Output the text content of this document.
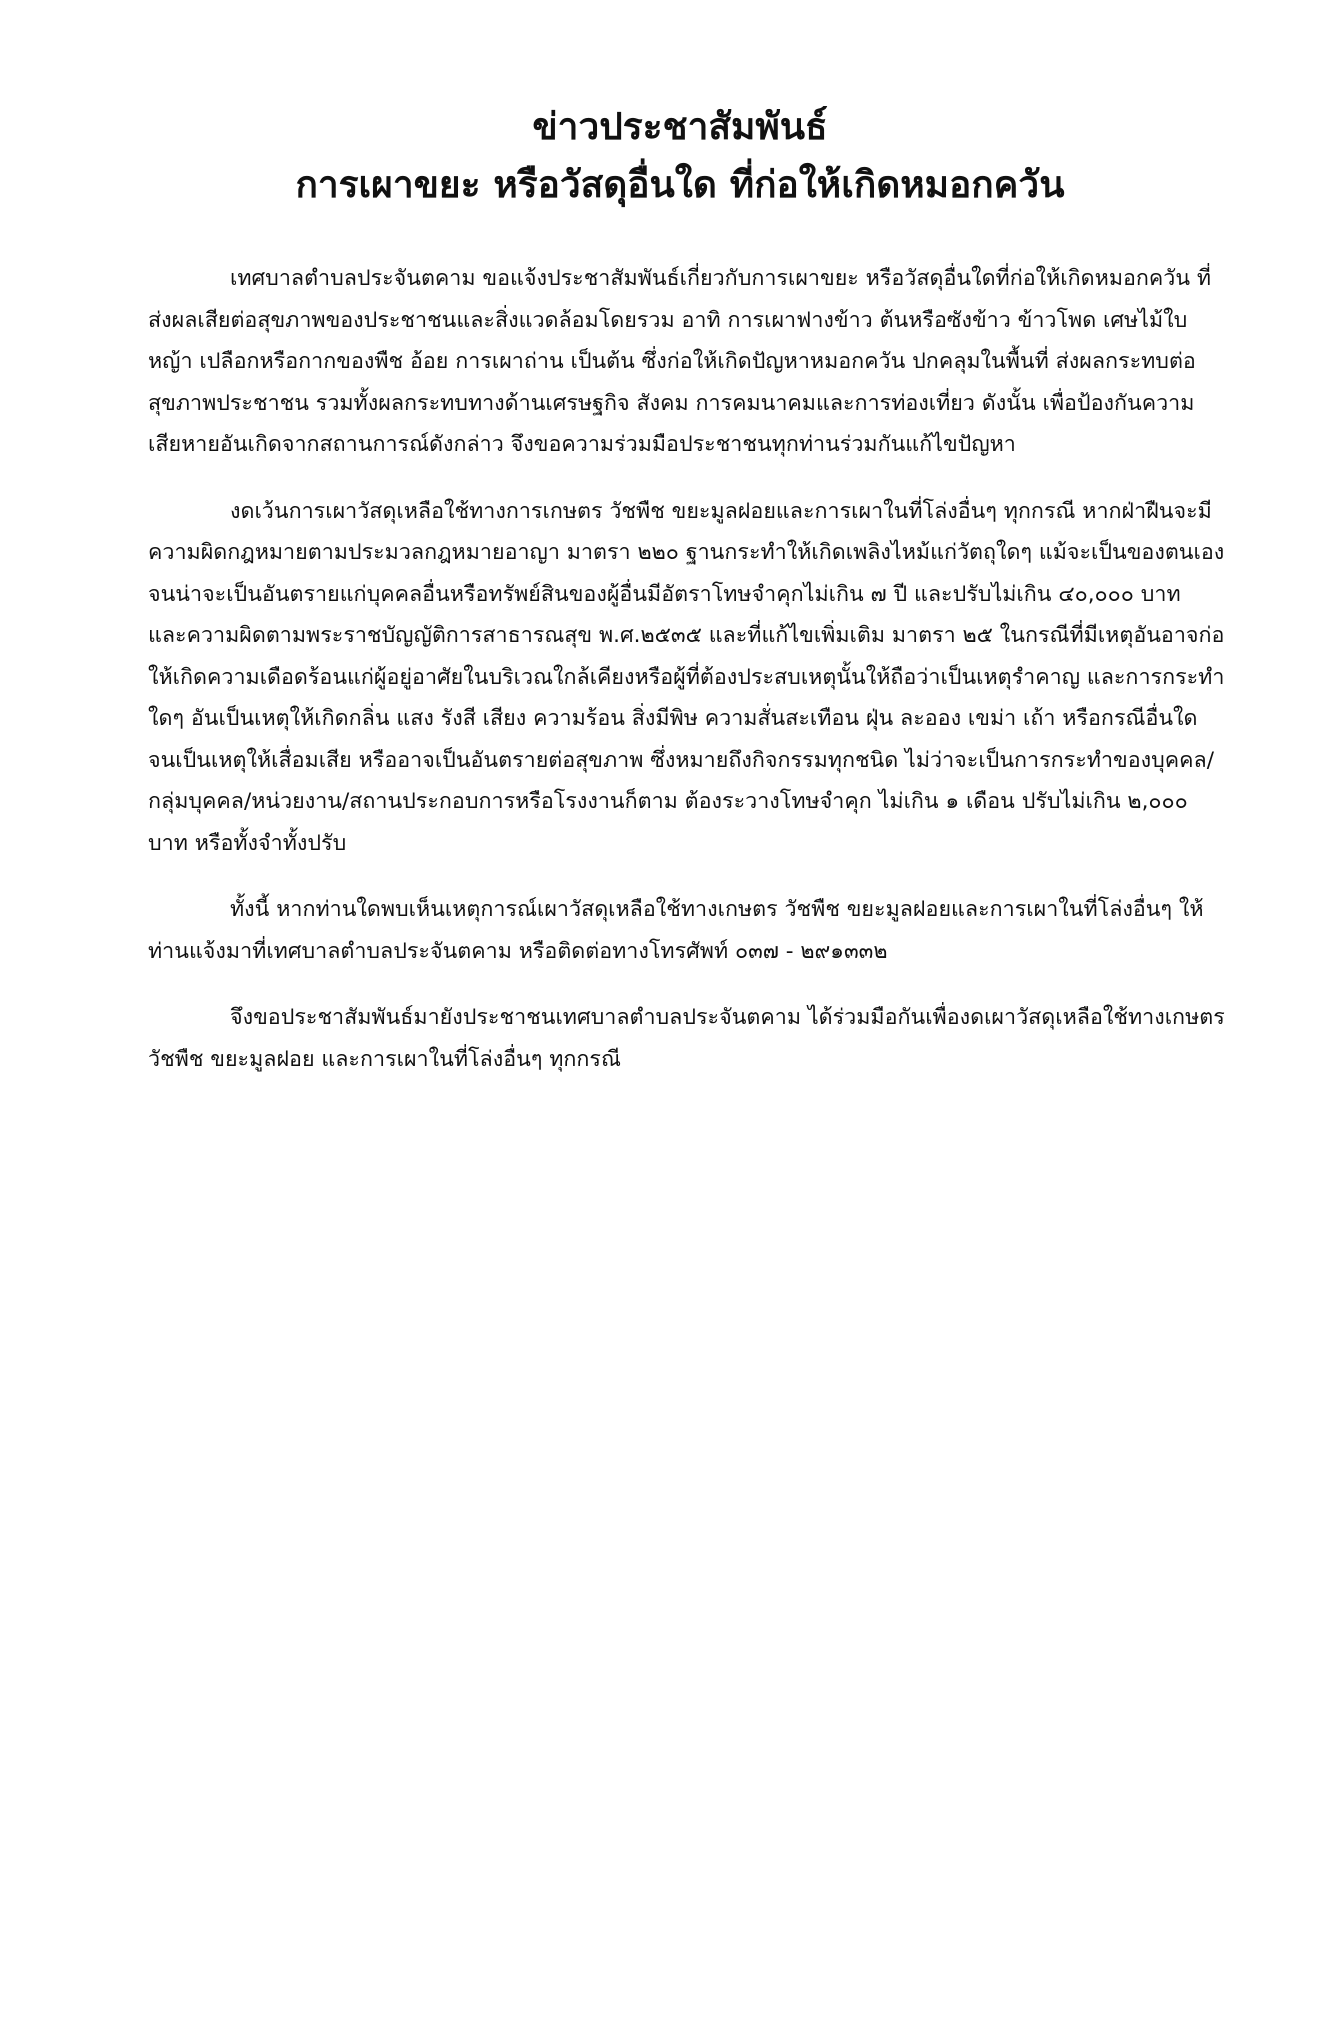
ข่าวประชาสัมพันธ์
การเผาขยะ หรือวัสดุอื่นใด ที่ก่อให้เกิดหมอกควัน

เทศบาลตำบลประจันตคาม ขอแจ้งประชาสัมพันธ์เกี่ยวกับการเผาขยะ หรือวัสดุอื่นใดที่ก่อให้เกิดหมอกควัน ที่ส่งผลเสียต่อสุขภาพของประชาชนและสิ่งแวดล้อมโดยรวม อาทิ การเผาฟางข้าว ต้นหรือซังข้าว ข้าวโพด เศษไม้ใบหญ้า เปลือกหรือกากของพืช อ้อย การเผาถ่าน เป็นต้น ซึ่งก่อให้เกิดปัญหาหมอกควัน ปกคลุมในพื้นที่ ส่งผลกระทบต่อสุขภาพประชาชน รวมทั้งผลกระทบทางด้านเศรษฐกิจ สังคม การคมนาคมและการท่องเที่ยว ดังนั้น เพื่อป้องกันความเสียหายอันเกิดจากสถานการณ์ดังกล่าว จึงขอความร่วมมือประชาชนทุกท่านร่วมกันแก้ไขปัญหา

งดเว้นการเผาวัสดุเหลือใช้ทางการเกษตร วัชพืช ขยะมูลฝอยและการเผาในที่โล่งอื่นๆ ทุกกรณี หากฝ่าฝืนจะมีความผิดกฎหมายตามประมวลกฎหมายอาญา มาตรา ๒๒๐ ฐานกระทำให้เกิดเพลิงไหม้แก่วัตถุใดๆ แม้จะเป็นของตนเอง จนน่าจะเป็นอันตรายแก่บุคคลอื่นหรือทรัพย์สินของผู้อื่นมีอัตราโทษจำคุกไม่เกิน ๗ ปี และปรับไม่เกิน ๔๐,๐๐๐ บาท และความผิดตามพระราชบัญญัติการสาธารณสุข พ.ศ.๒๕๓๕ และที่แก้ไขเพิ่มเติม มาตรา ๒๕ ในกรณีที่มีเหตุอันอาจก่อให้เกิดความเดือดร้อนแก่ผู้อยู่อาศัยในบริเวณใกล้เคียงหรือผู้ที่ต้องประสบเหตุนั้นให้ถือว่าเป็นเหตุรำคาญ และการกระทำใดๆ อันเป็นเหตุให้เกิดกลิ่น แสง รังสี เสียง ความร้อน สิ่งมีพิษ ความสั่นสะเทือน ฝุ่น ละออง เขม่า เถ้า หรือกรณีอื่นใด จนเป็นเหตุให้เสื่อมเสีย หรืออาจเป็นอันตรายต่อสุขภาพ ซึ่งหมายถึงกิจกรรมทุกชนิด ไม่ว่าจะเป็นการกระทำของบุคคล/กลุ่มบุคคล/หน่วยงาน/สถานประกอบการหรือโรงงานก็ตาม ต้องระวางโทษจำคุก ไม่เกิน ๑ เดือน ปรับไม่เกิน ๒,๐๐๐ บาท หรือทั้งจำทั้งปรับ

ทั้งนี้ หากท่านใดพบเห็นเหตุการณ์เผาวัสดุเหลือใช้ทางเกษตร วัชพืช ขยะมูลฝอยและการเผาในที่โล่งอื่นๆ ให้ท่านแจ้งมาที่เทศบาลตำบลประจันตคาม หรือติดต่อทางโทรศัพท์ ๐๓๗ - ๒๙๑๓๓๒

จึงขอประชาสัมพันธ์มายังประชาชนเทศบาลตำบลประจันตคาม ได้ร่วมมือกันเพื่องดเผาวัสดุเหลือใช้ทางเกษตร วัชพืช ขยะมูลฝอย และการเผาในที่โล่งอื่นๆ ทุกกรณี
